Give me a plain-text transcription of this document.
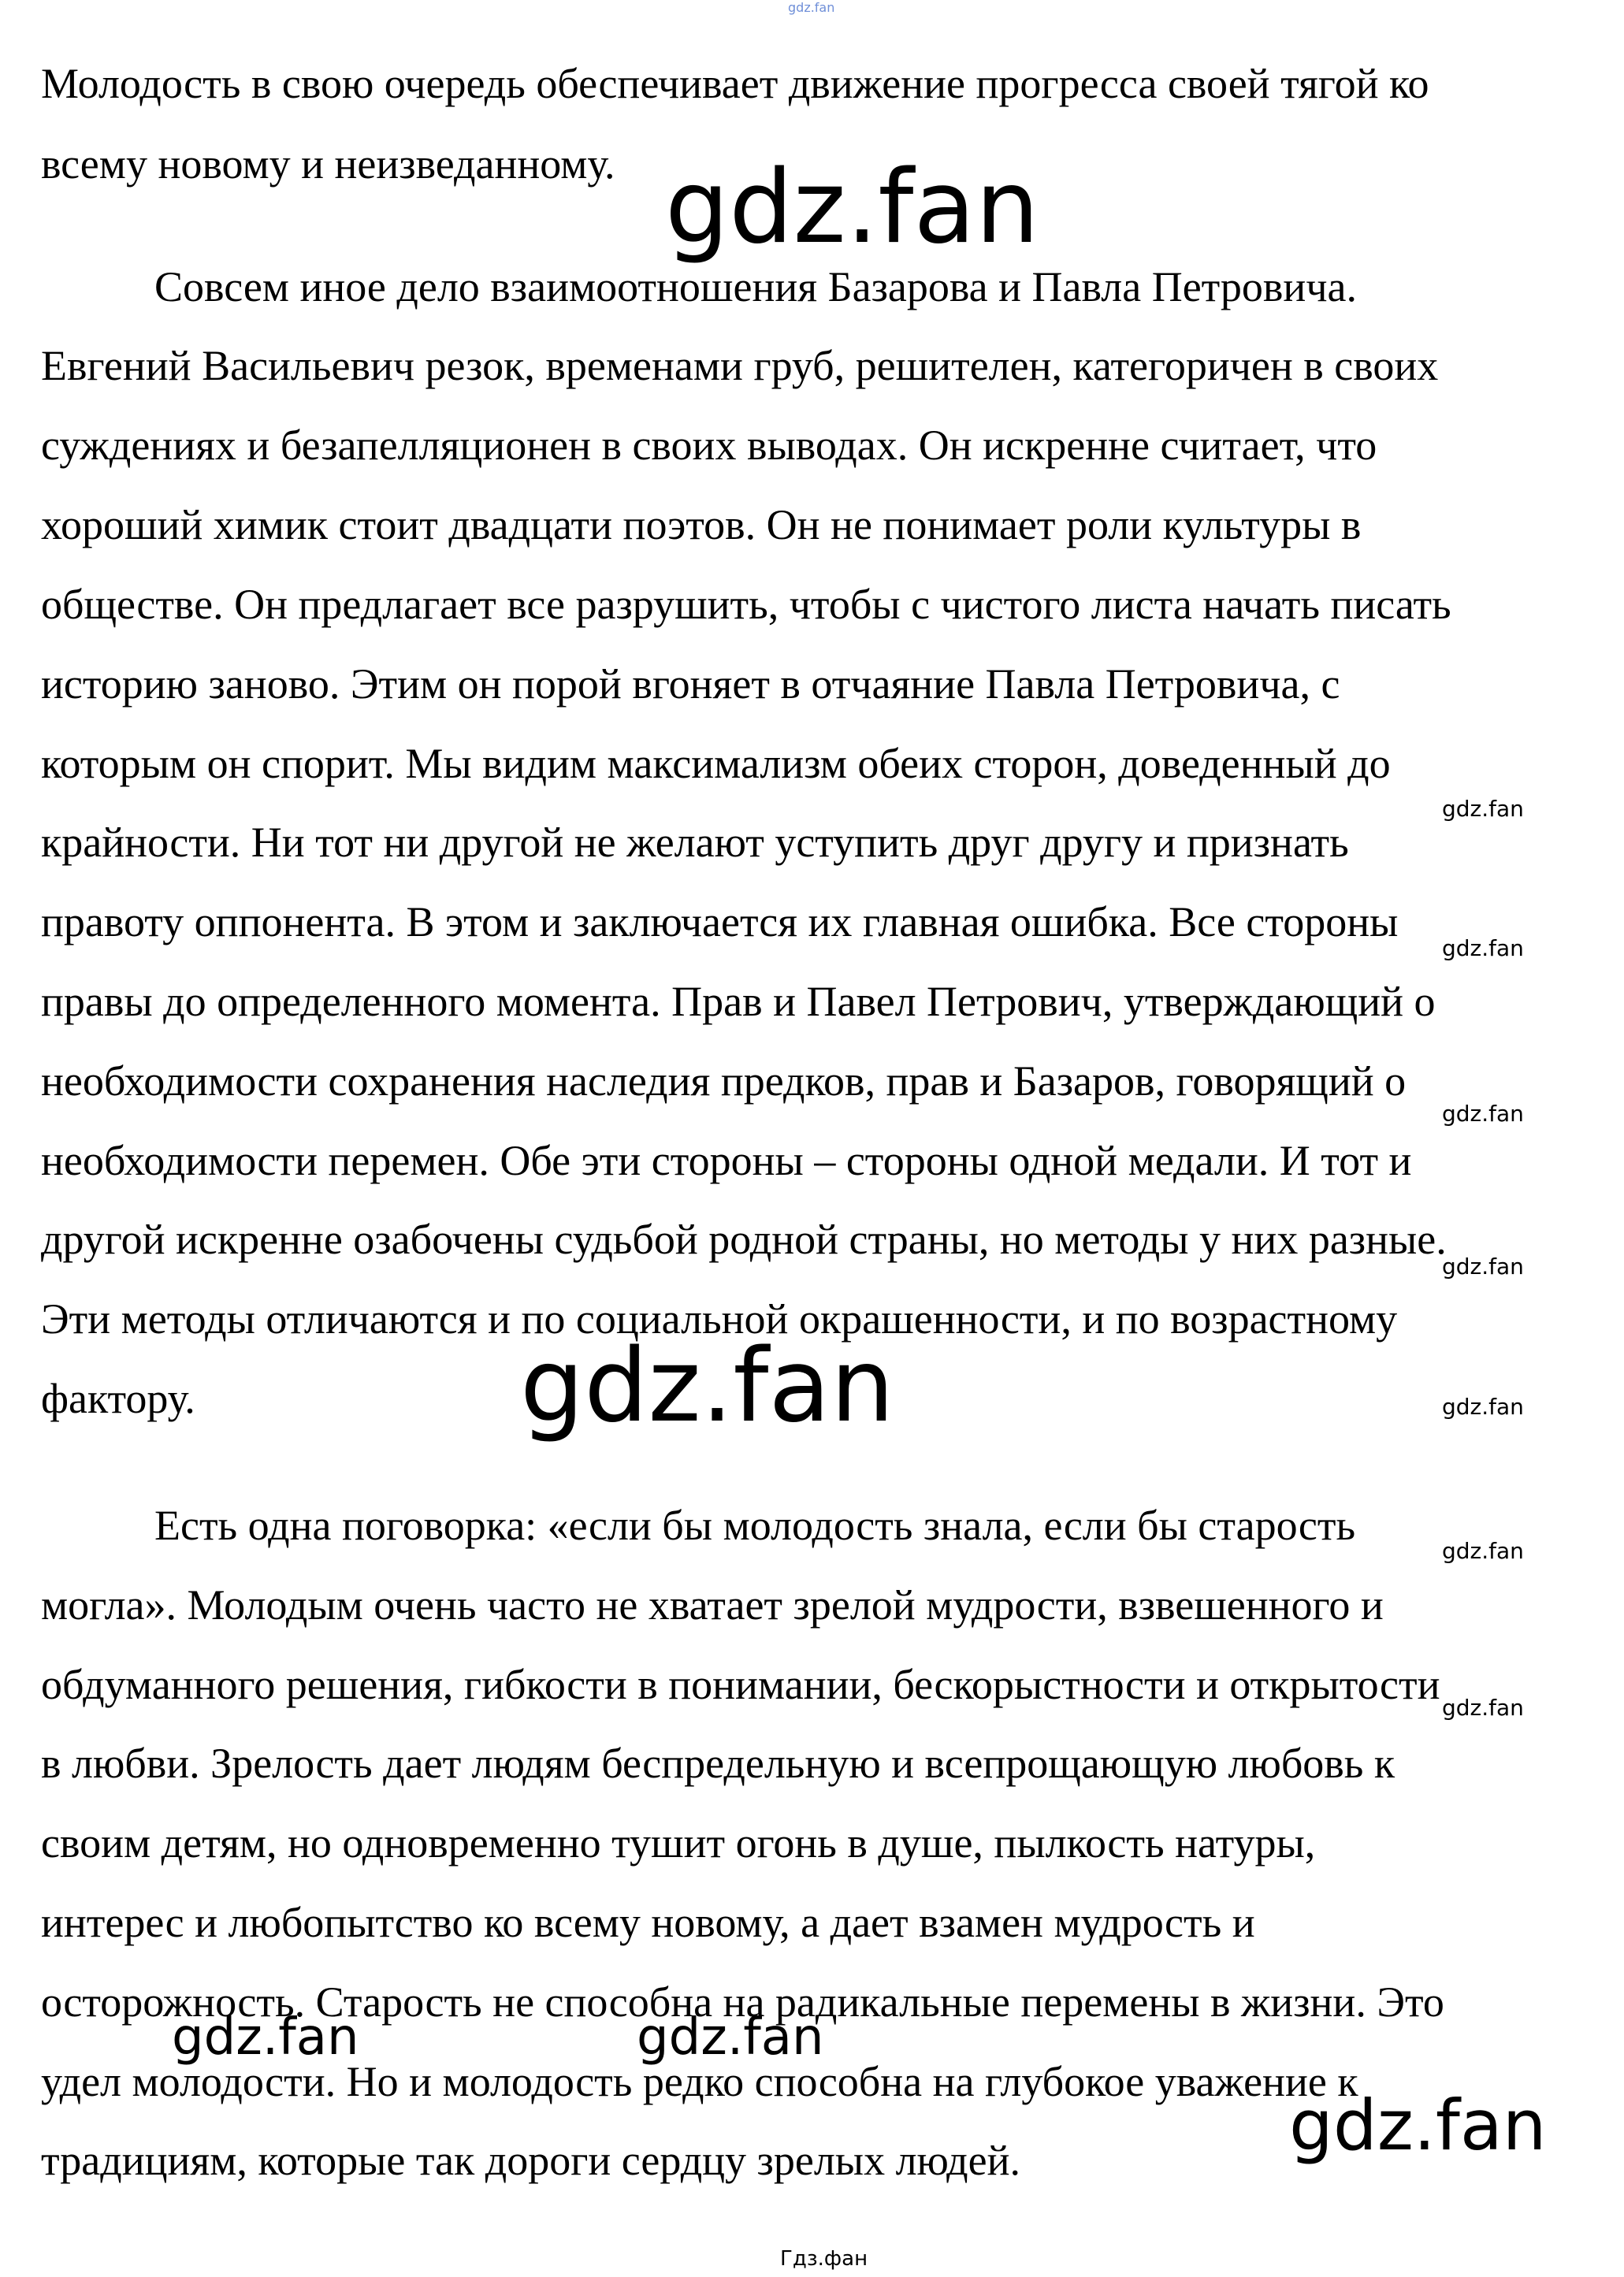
gdz.fan

Молодость в свою очередь обеспечивает движение прогресса своей тягой ко

всему новому и неизведанному.

Совсем иное дело взаимоотношения Базарова и Павла Петровича.

Евгений Васильевич резок, временами груб, решителен, категоричен в своих

суждениях и безапелляционен в своих выводах. Он искренне считает, что

хороший химик стоит двадцати поэтов. Он не понимает роли культуры в

обществе. Он предлагает все разрушить, чтобы с чистого листа начать писать

историю заново. Этим он порой вгоняет в отчаяние Павла Петровича, с

которым он спорит. Мы видим максимализм обеих сторон, доведенный до

крайности. Ни тот ни другой не желают уступить друг другу и признать

правоту оппонента. В этом и заключается их главная ошибка. Все стороны

правы до определенного момента. Прав и Павел Петрович, утверждающий о

необходимости сохранения наследия предков, прав и Базаров, говорящий о

необходимости перемен. Обе эти стороны – стороны одной медали. И тот и

другой искренне озабочены судьбой родной страны, но методы у них разные.

Эти методы отличаются и по социальной окрашенности, и по возрастному

фактору.

Есть одна поговорка: «если бы молодость знала, если бы старость

могла». Молодым очень часто не хватает зрелой мудрости, взвешенного и

обдуманного решения, гибкости в понимании, бескорыстности и открытости

в любви. Зрелость дает людям беспредельную и всепрощающую любовь к

своим детям, но одновременно тушит огонь в душе, пылкость натуры,

интерес и любопытство ко всему новому, а дает взамен мудрость и

осторожность. Старость не способна на радикальные перемены в жизни. Это

удел молодости. Но и молодость редко способна на глубокое уважение к

традициям, которые так дороги сердцу зрелых людей.

gdz.fan
gdz.fan
gdz.fan	gdz.fan
gdz.fan
gdz.fan
gdz.fan
gdz.fan
gdz.fan
gdz.fan
gdz.fan
gdz.fan
Гдз.фан
